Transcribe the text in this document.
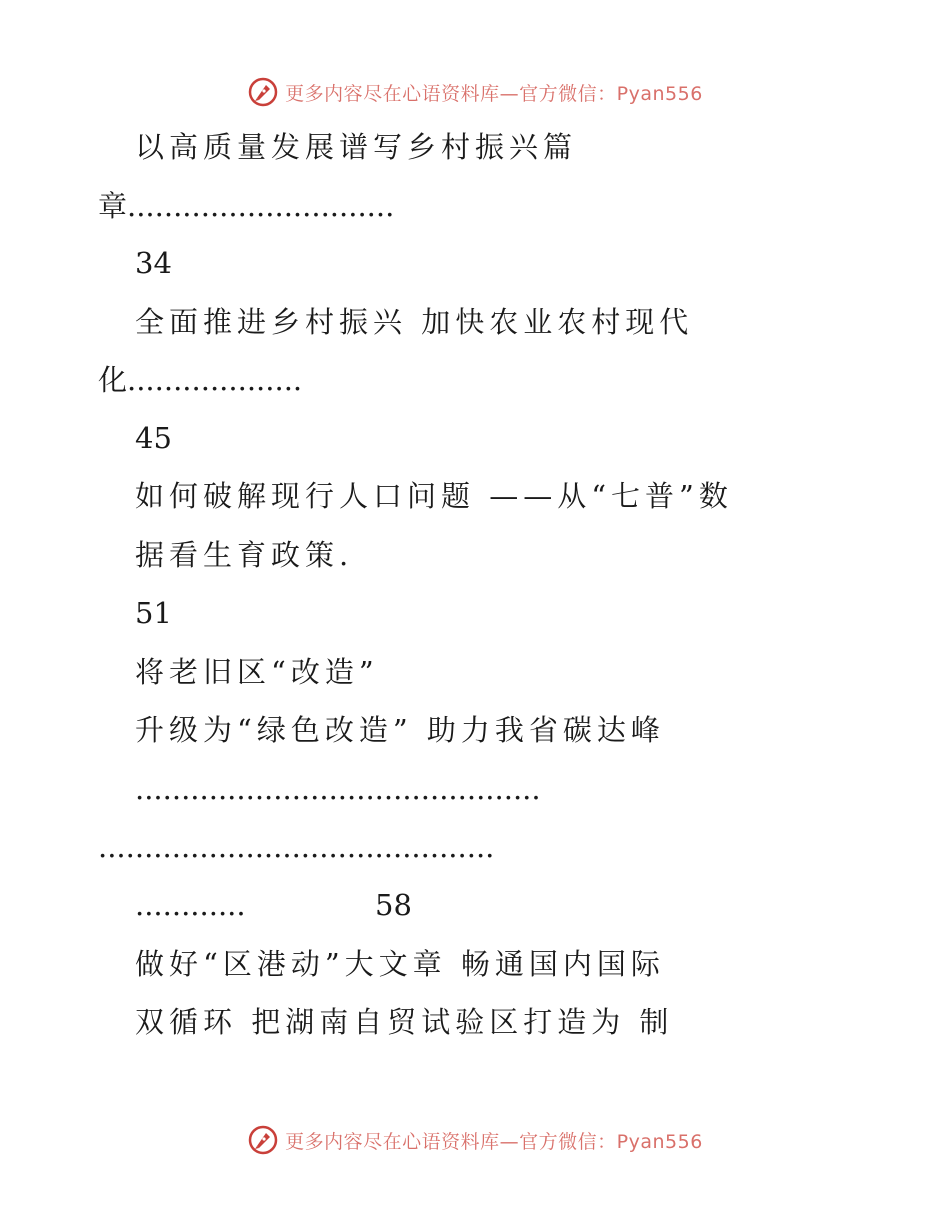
更多内容尽在心语资料库—官方微信：Pyan556
以高质量发展谱写乡村振兴篇
章.............................
34
全面推进乡村振兴 加快农业农村现代
化...................
45
如何破解现行人口问题 ——从“七普”数
据看生育政策.
51
将老旧区“改造”
升级为“绿色改造” 助力我省碳达峰
............................................
...........................................
............	58
做好“区港动”大文章 畅通国内国际
双循环 把湖南自贸试验区打造为 制
更多内容尽在心语资料库—官方微信：Pyan556
